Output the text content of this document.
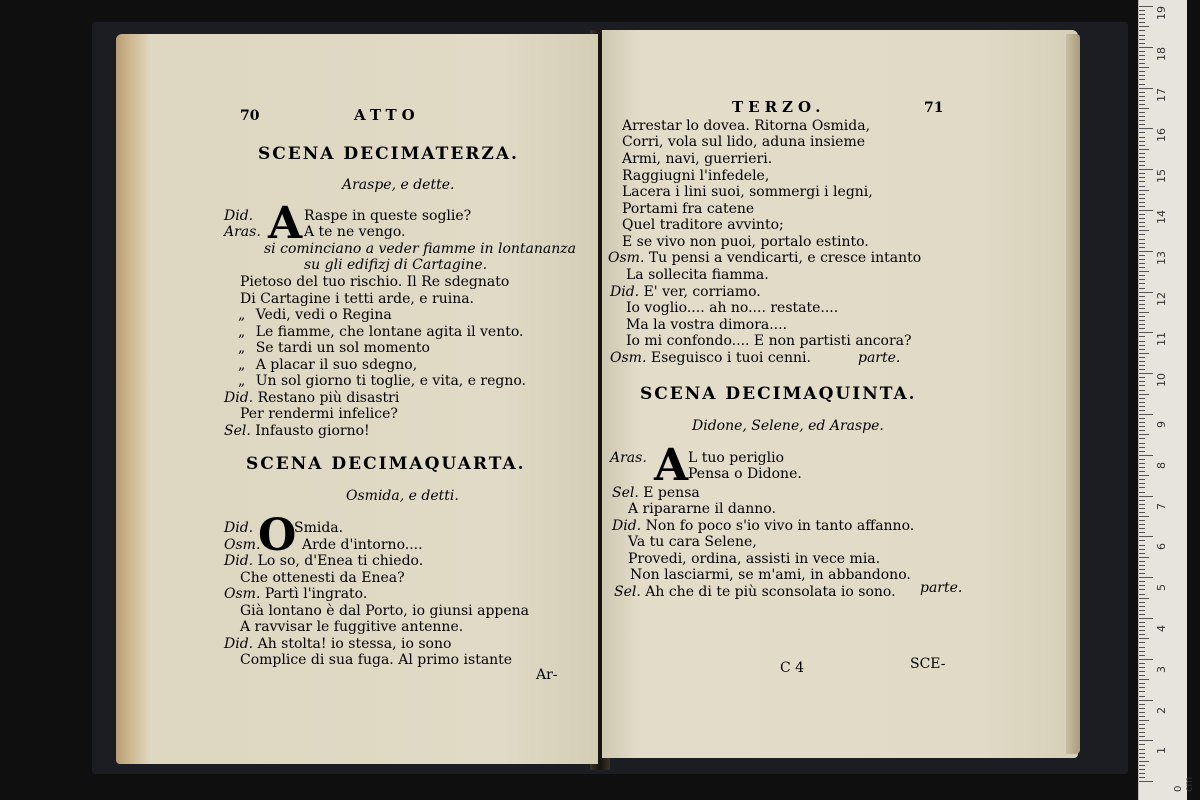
70	ATTO
SCENA DECIMATERZA.
Araspe, e dette.
A
Did.	Raspe in queste soglie?
Aras.	A te ne vengo.
si cominciano a veder fiamme in lontananza
su gli edifizj di Cartagine.
Pietoso del tuo rischio. Il Re sdegnato
Di Cartagine i tetti arde, e ruina.
„ Vedi, vedi o Regina
„ Le fiamme, che lontane agita il vento.
„ Se tardi un sol momento
„ A placar il suo sdegno,
„ Un sol giorno ti toglie, e vita, e regno.
Did. Restano più disastri
Per rendermi infelice?
Sel. Infausto giorno!
SCENA DECIMAQUARTA.
Osmida, e detti.
O
Did.	Smida.
Osm.	Arde d'intorno....
Did. Lo so, d'Enea ti chiedo.
Che ottenesti da Enea?
Osm. Partì l'ingrato.
Già lontano è dal Porto, io giunsi appena
A ravvisar le fuggitive antenne.
Did. Ah stolta! io stessa, io sono
Complice di sua fuga. Al primo istante
Ar-
TERZO.	71
Arrestar lo dovea. Ritorna Osmida,
Corri, vola sul lido, aduna insieme
Armi, navi, guerrieri.
Raggiugni l'infedele,
Lacera i lini suoi, sommergi i legni,
Portami fra catene
Quel traditore avvinto;
E se vivo non puoi, portalo estinto.
Osm. Tu pensi a vendicarti, e cresce intanto
La sollecita fiamma.
Did. E' ver, corriamo.
Io voglio.... ah no.... restate....
Ma la vostra dimora....
Io mi confondo.... E non partisti ancora?
Osm. Eseguisco i tuoi cenni.	parte.
SCENA DECIMAQUINTA.
Didone, Selene, ed Araspe.
A
Aras.	L tuo periglio
Pensa o Didone.
Sel. E pensa
A ripararne il danno.
Did. Non fo poco s'io vivo in tanto affanno.
Va tu cara Selene,
Provedi, ordina, assisti in vece mia.
Non lasciarmi, se m'ami, in abbandono.
Sel. Ah che di te più sconsolata io sono. parte.
C 4	SCE-
19
18
17
16
15
14
13
12
11
10
9
8
7
6
5
4
3
2
1
0 cm
